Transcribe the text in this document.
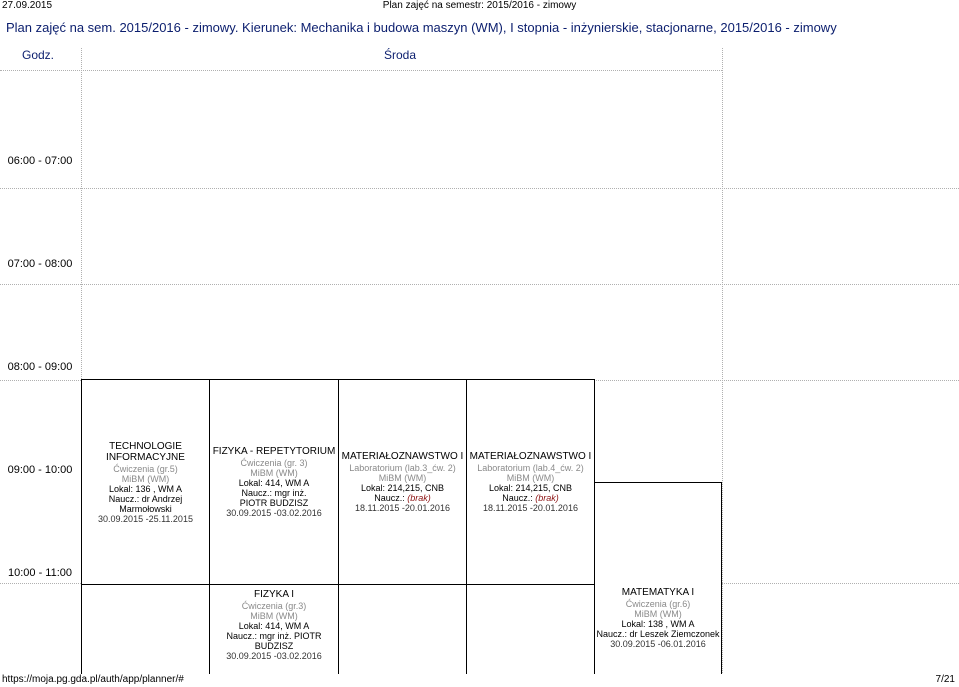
Plan zajęć na semestr: 2015/2016 - zimowy
27.09.2015
Plan zajęć na sem. 2015/2016 - zimowy. Kierunek: Mechanika i budowa maszyn (WM), I stopnia - inżynierskie, stacjonarne, 2015/2016 - zimowy
Godz.	Środa
06:00 - 07:00
07:00 - 08:00
08:00 - 09:00
09:00 - 10:00
10:00 - 11:00
TECHNOLOGIE INFORMACYJNE
Ćwiczenia (gr.5)
MiBM (WM)
Lokal: 136 , WM A
Naucz.: dr Andrzej Marmołowski
30.09.2015 -25.11.2015
FIZYKA - REPETYTORIUM
Ćwiczenia (gr. 3)
MiBM (WM)
Lokal: 414, WM A
Naucz.: mgr inż. PIOTR BUDZISZ
30.09.2015 -03.02.2016
MATERIAŁOZNAWSTWO I
Laboratorium (lab.3_ćw. 2)
MiBM (WM)
Lokal: 214,215, CNB
Naucz.: (brak)
18.11.2015 -20.01.2016
MATERIAŁOZNAWSTWO I
Laboratorium (lab.4_ćw. 2)
MiBM (WM)
Lokal: 214,215, CNB
Naucz.: (brak)
18.11.2015 -20.01.2016
FIZYKA I
Ćwiczenia (gr.3)
MiBM (WM)
Lokal: 414, WM A
Naucz.: mgr inż. PIOTR BUDZISZ
30.09.2015 -03.02.2016
MATEMATYKA I
Ćwiczenia (gr.6)
MiBM (WM)
Lokal: 138 , WM A
Naucz.: dr Leszek Ziemczonek
30.09.2015 -06.01.2016
https://moja.pg.gda.pl/auth/app/planner/#	7/21
